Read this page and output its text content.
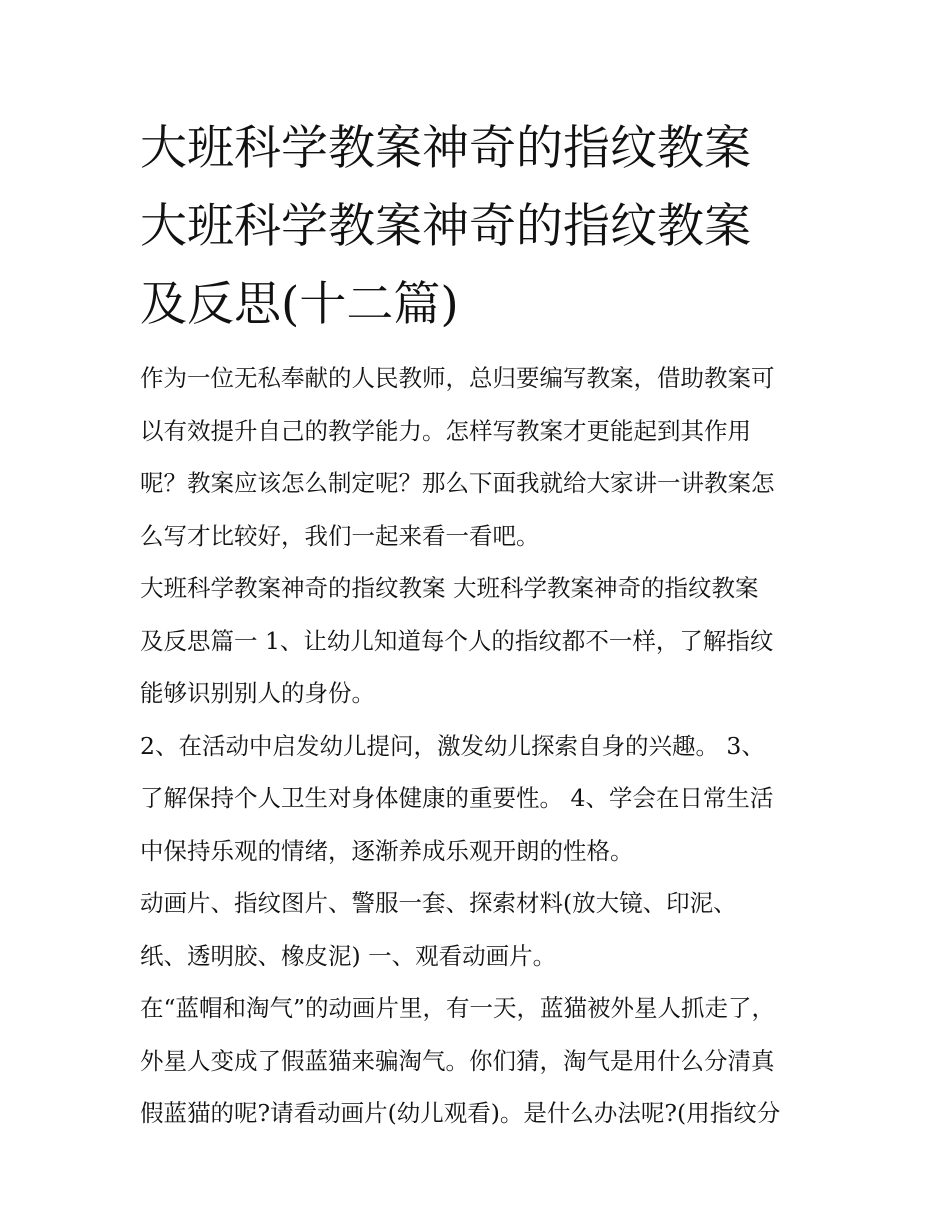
大班科学教案神奇的指纹教案
大班科学教案神奇的指纹教案
及反思(十二篇)
作为一位无私奉献的人民教师，总归要编写教案，借助教案可
以有效提升自己的教学能力。怎样写教案才更能起到其作用
呢？教案应该怎么制定呢？那么下面我就给大家讲一讲教案怎
么写才比较好，我们一起来看一看吧。
大班科学教案神奇的指纹教案 大班科学教案神奇的指纹教案
及反思篇一 1、让幼儿知道每个人的指纹都不一样，了解指纹
能够识别别人的身份。
2、在活动中启发幼儿提问，激发幼儿探索自身的兴趣。 3、
了解保持个人卫生对身体健康的重要性。 4、学会在日常生活
中保持乐观的情绪，逐渐养成乐观开朗的性格。
动画片、指纹图片、警服一套、探索材料(放大镜、印泥、
纸、透明胶、橡皮泥) 一、观看动画片。
在“蓝帽和淘气”的动画片里，有一天，蓝猫被外星人抓走了，
外星人变成了假蓝猫来骗淘气。你们猜，淘气是用什么分清真
假蓝猫的呢?请看动画片(幼儿观看)。是什么办法呢?(用指纹分
